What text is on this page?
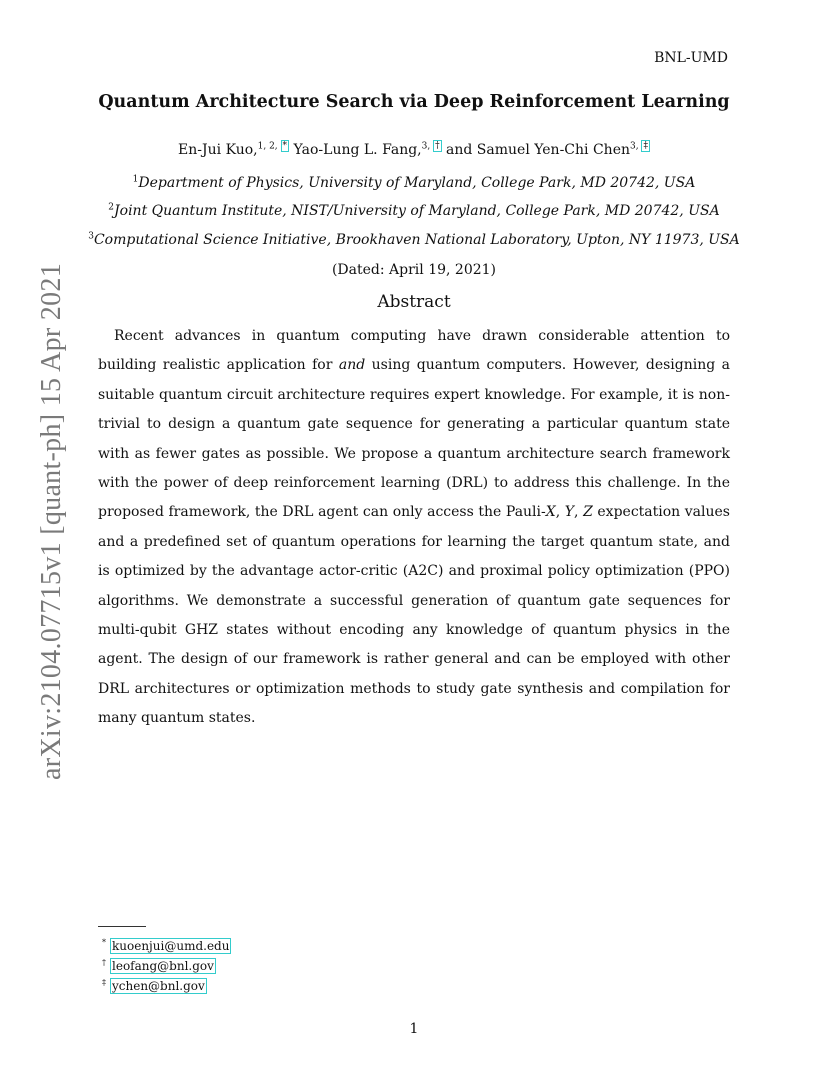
BNL-UMD
arXiv:2104.07715v1 [quant-ph] 15 Apr 2021
Quantum Architecture Search via Deep Reinforcement Learning
En-Jui Kuo,$^{1, 2, *}$ Yao-Lung L. Fang,$^{3, \dagger}$ and Samuel Yen-Chi Chen$^{3, \ddagger}$
$^1$Department of Physics, University of Maryland, College Park, MD 20742, USA
$^2$Joint Quantum Institute, NIST/University of Maryland, College Park, MD 20742, USA
$^3$Computational Science Initiative, Brookhaven National Laboratory, Upton, NY 11973, USA
(Dated: April 19, 2021)
Abstract

Recent advances in quantum computing have drawn considerable attention to building realistic application for and using quantum computers. However, designing a suitable quantum circuit architecture requires expert knowledge. For example, it is non-trivial to design a quantum gate sequence for generating a particular quantum state with as fewer gates as possible. We propose a quantum architecture search framework with the power of deep reinforcement learning (DRL) to address this challenge. In the proposed framework, the DRL agent can only access the Pauli-X, Y, Z expectation values and a predefined set of quantum operations for learning the target quantum state, and is optimized by the advantage actor-critic (A2C) and proximal policy optimization (PPO) algorithms. We demonstrate a successful generation of quantum gate sequences for multi-qubit GHZ states without encoding any knowledge of quantum physics in the agent. The design of our framework is rather general and can be employed with other DRL architectures or optimization methods to study gate synthesis and compilation for many quantum states.

* kuoenjui@umd.edu
† leofang@bnl.gov
‡ ychen@bnl.gov
1
